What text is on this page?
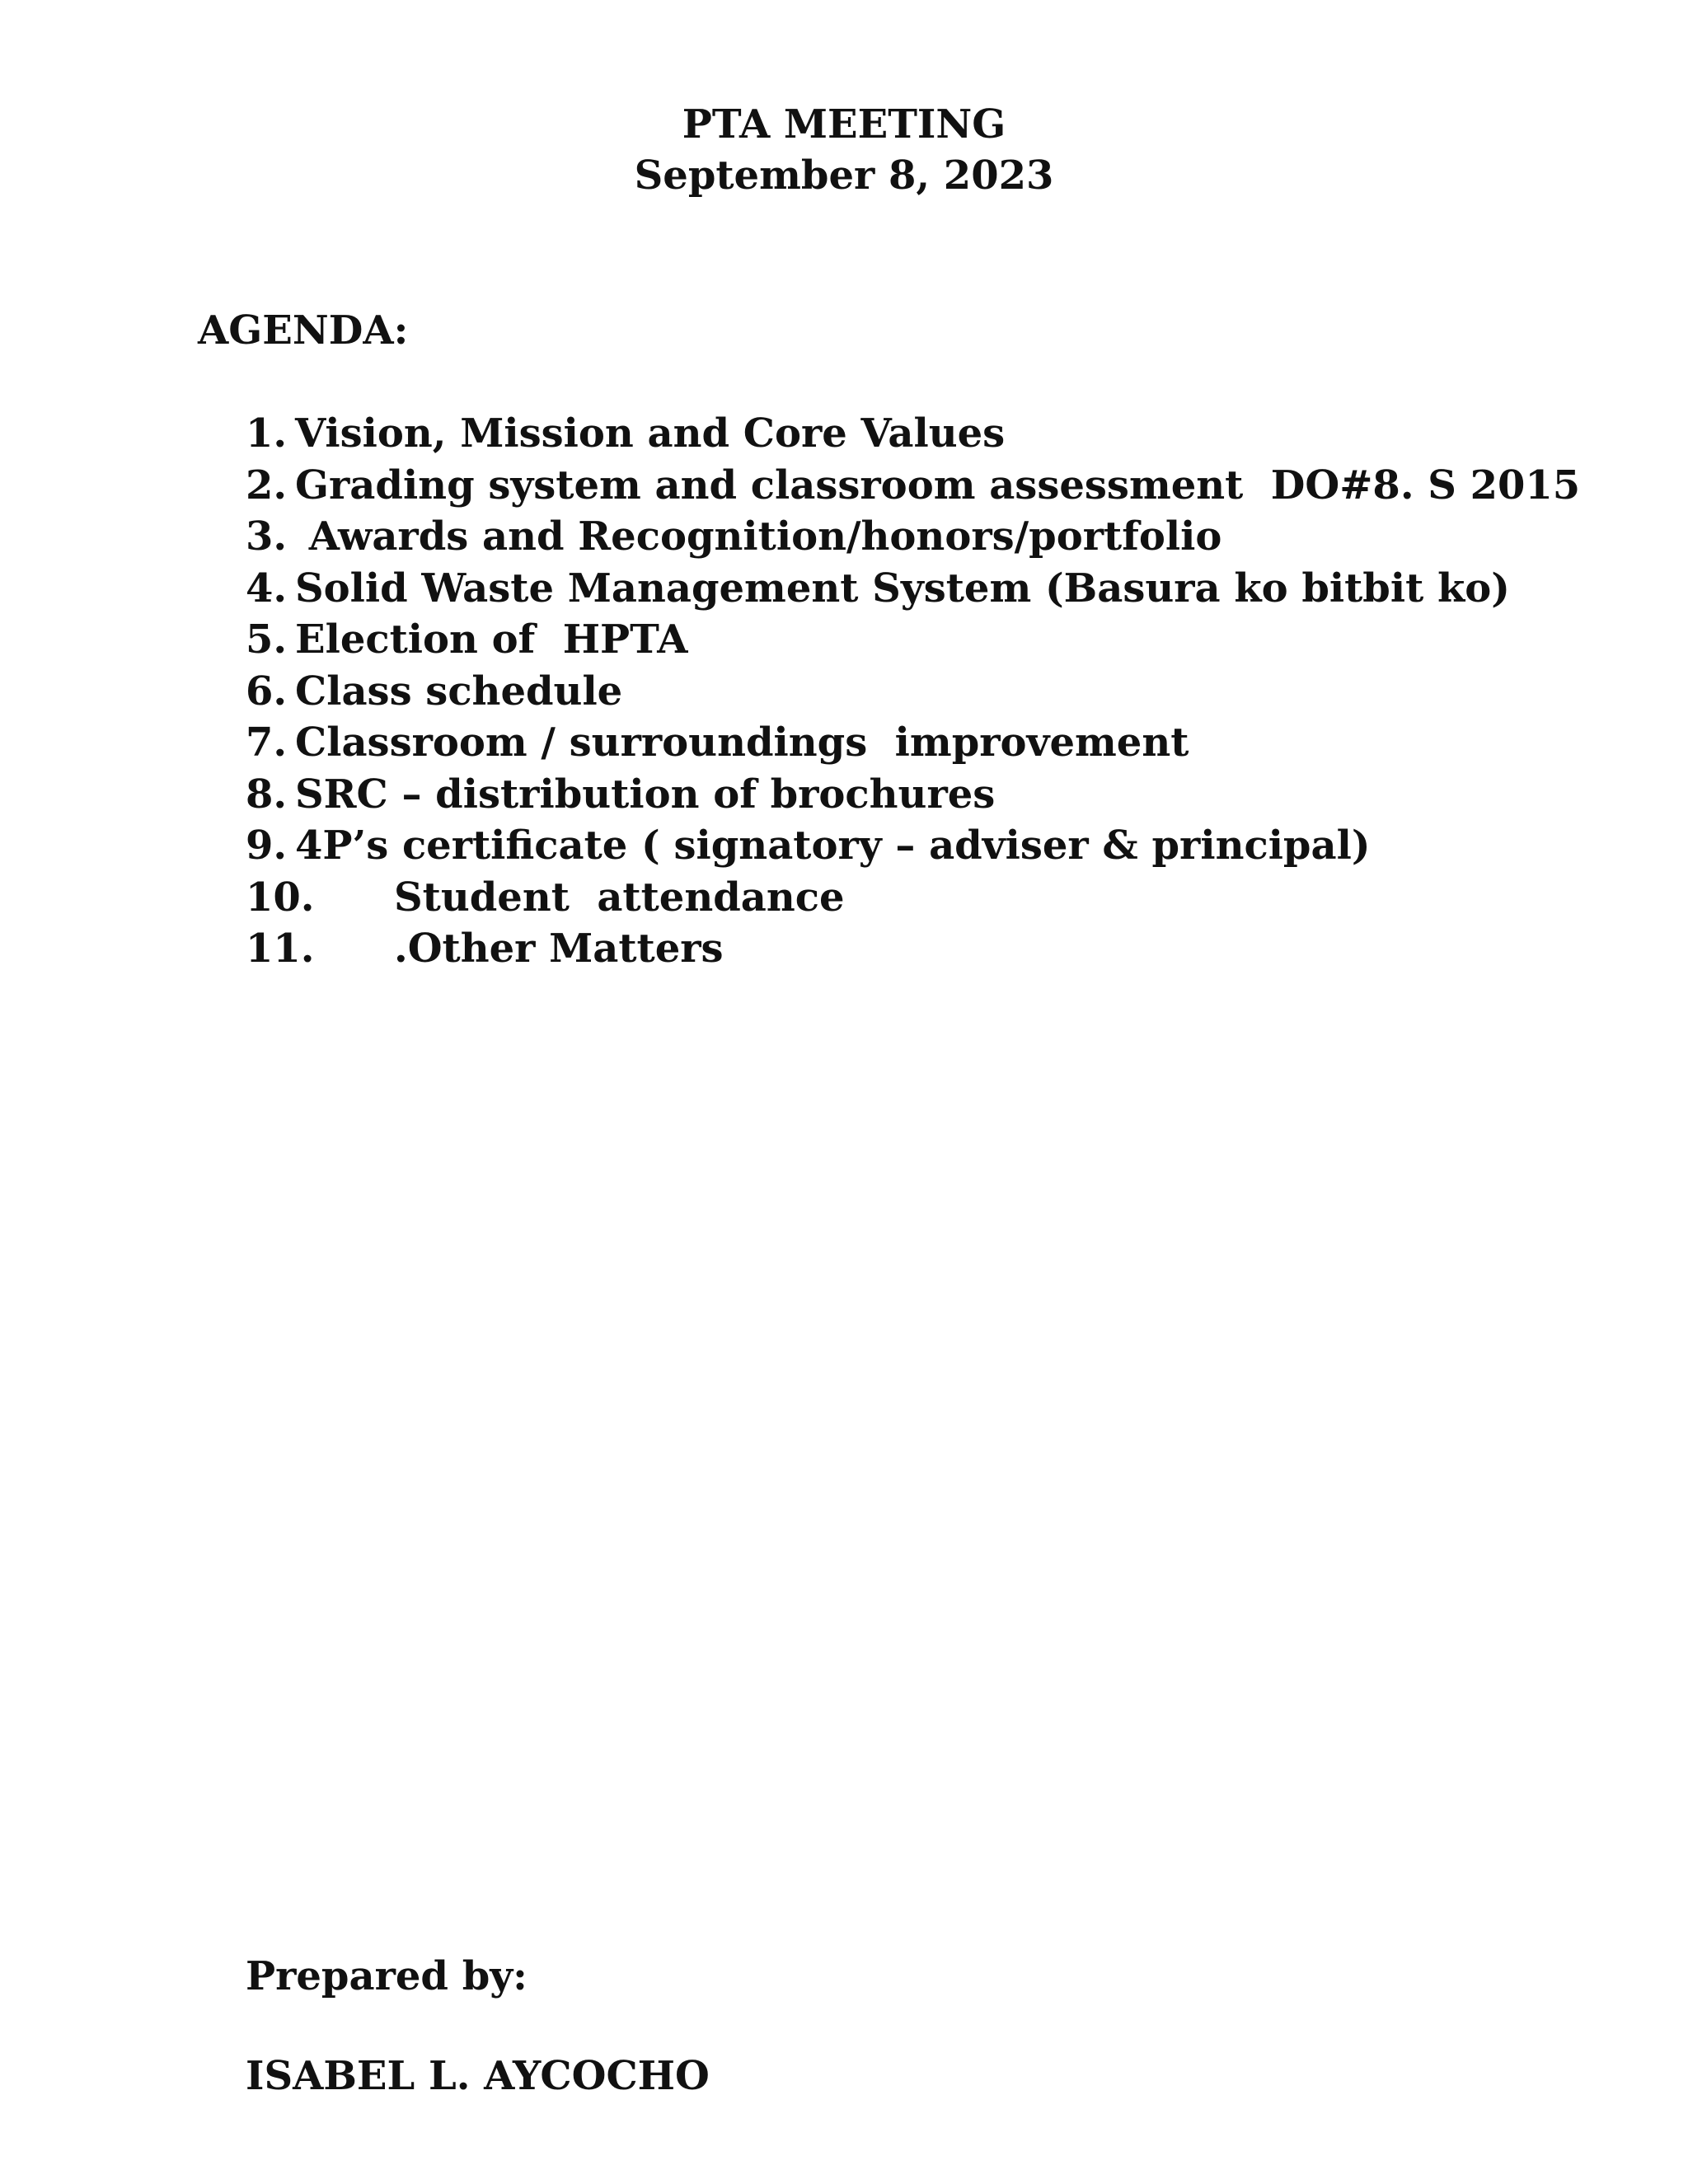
PTA MEETING
September 8, 2023
AGENDA:
1. Vision, Mission and Core Values
2. Grading system and classroom assessment  DO#8. S 2015
3. Awards and Recognition/honors/portfolio
4. Solid Waste Management System (Basura ko bitbit ko)
5. Election of  HPTA
6. Class schedule
7. Classroom / surroundings  improvement
8. SRC – distribution of brochures
9. 4P’s certificate ( signatory – adviser & principal)
10.	Student  attendance
11.	.Other Matters
Prepared by:
ISABEL L. AYCOCHO
